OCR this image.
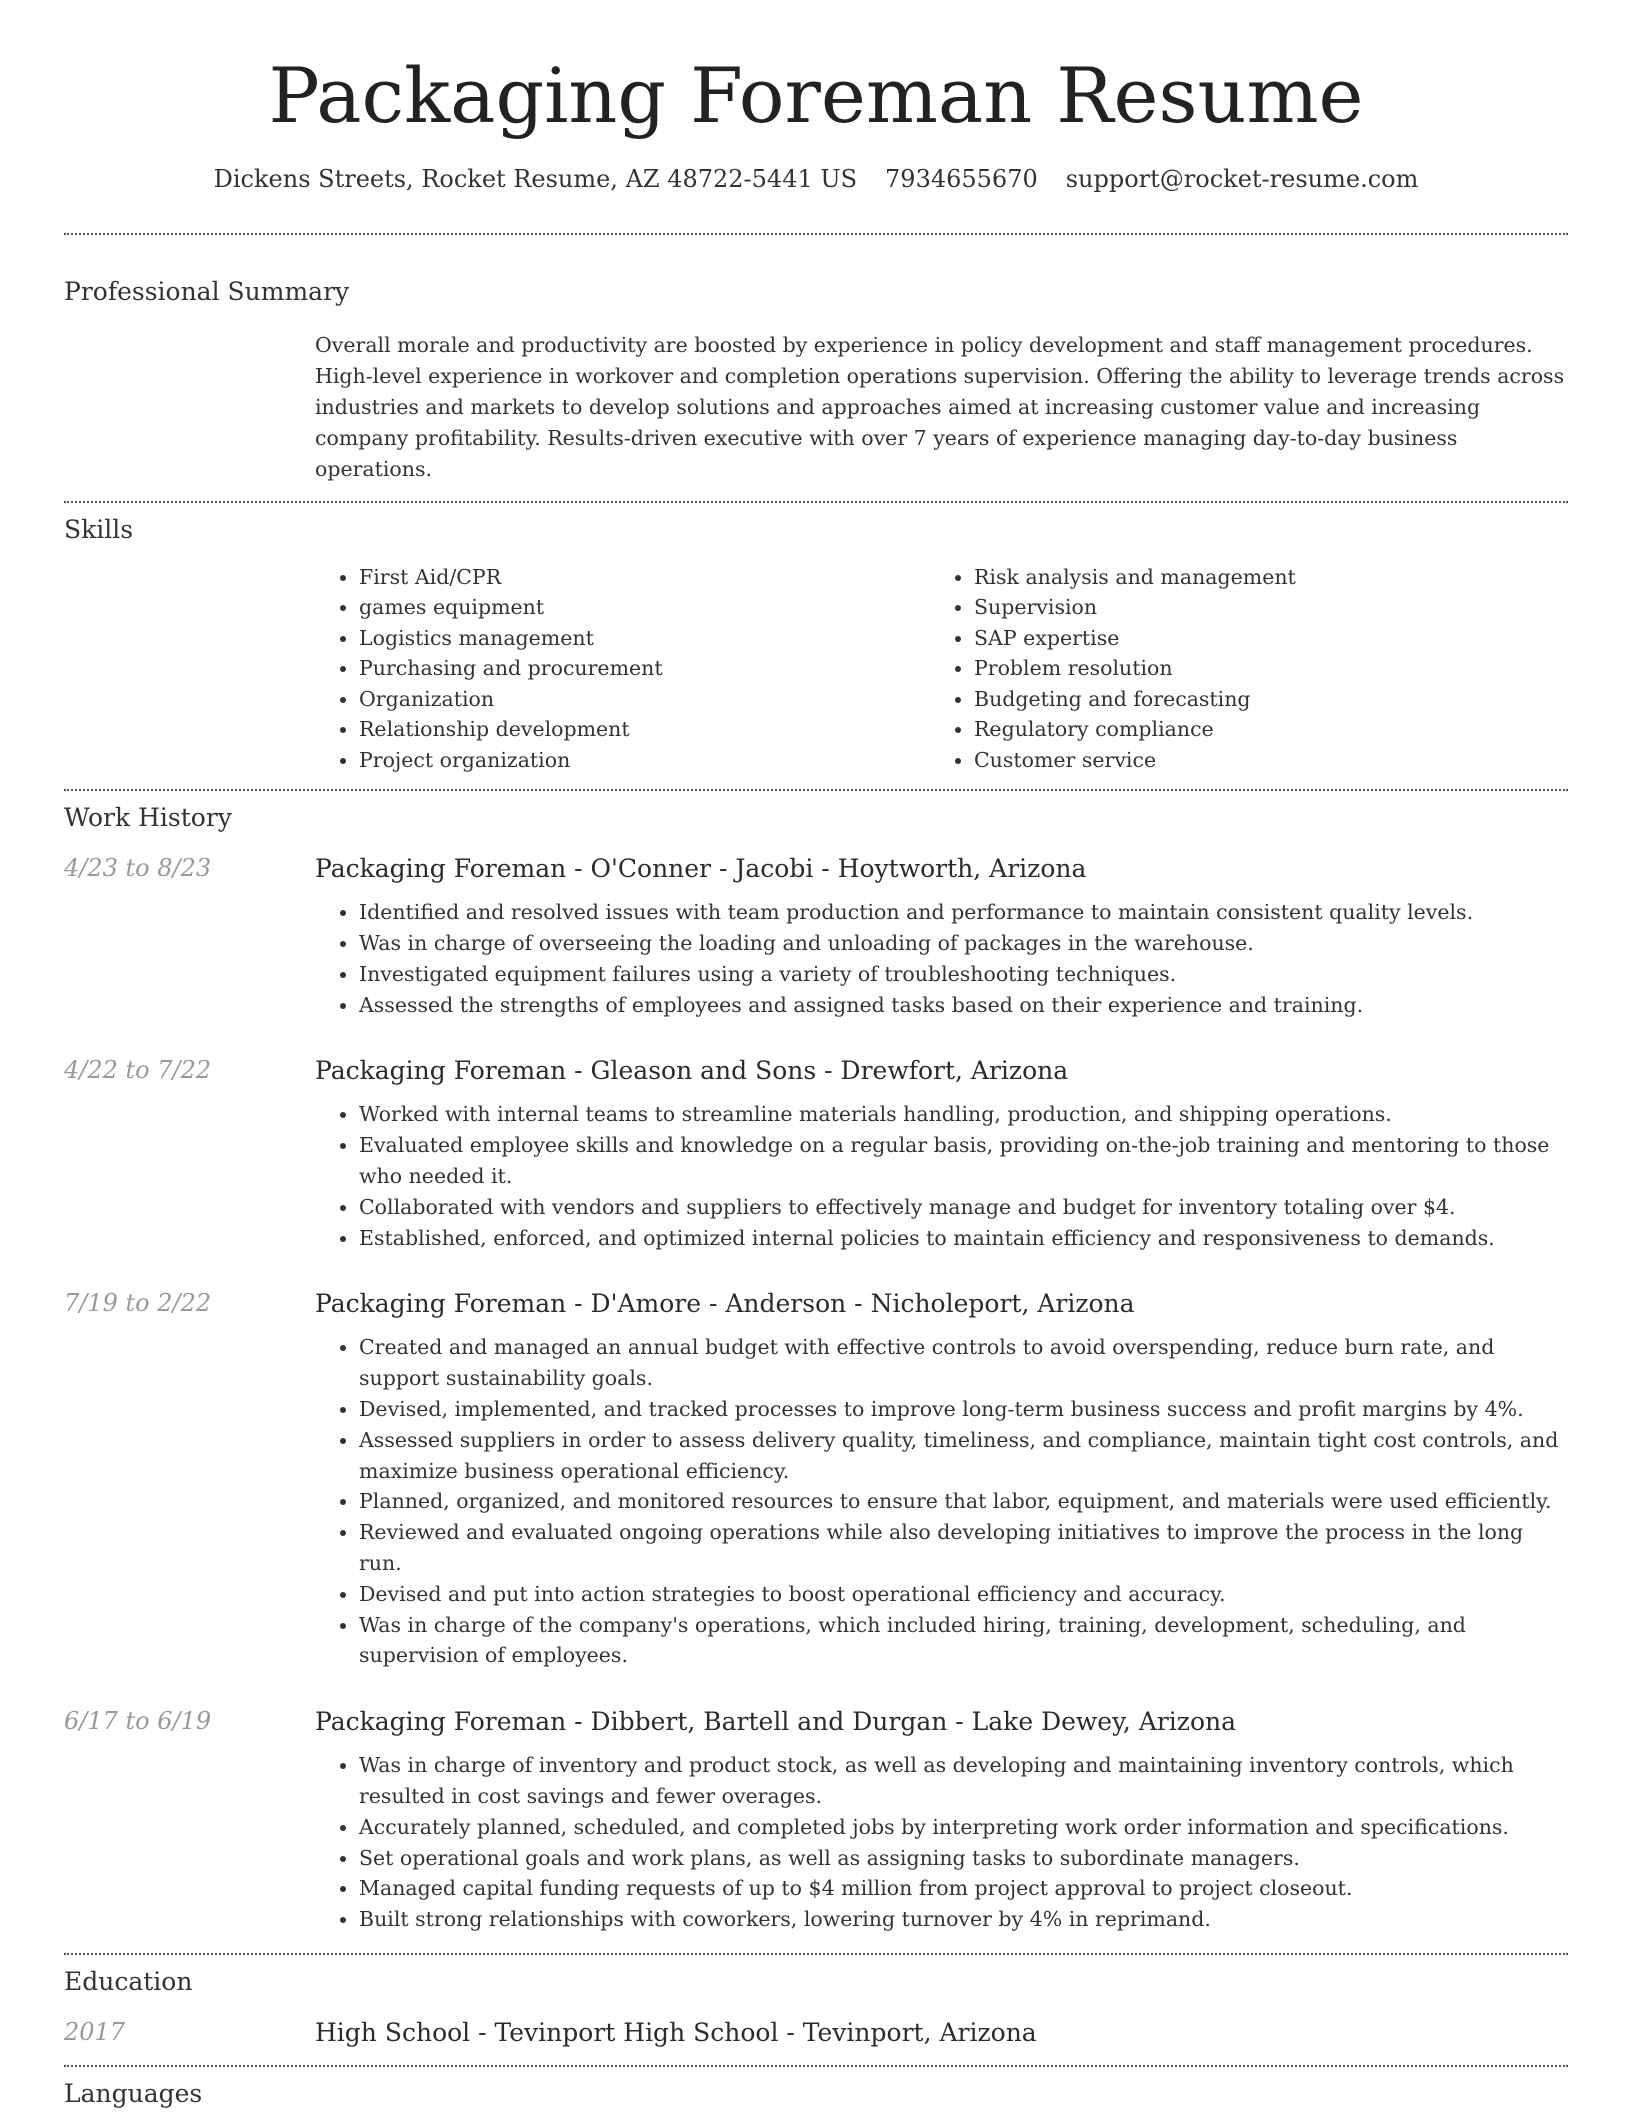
Packaging Foreman Resume
Dickens Streets, Rocket Resume, AZ 48722-5441 US 7934655670 support@rocket-resume.com
Professional Summary
Overall morale and productivity are boosted by experience in policy development and staff management procedures. High-level experience in workover and completion operations supervision. Offering the ability to leverage trends across industries and markets to develop solutions and approaches aimed at increasing customer value and increasing company profitability. Results-driven executive with over 7 years of experience managing day-to-day business operations.
Skills
• First Aid/CPR
• games equipment
• Logistics management
• Purchasing and procurement
• Organization
• Relationship development
• Project organization
• Risk analysis and management
• Supervision
• SAP expertise
• Problem resolution
• Budgeting and forecasting
• Regulatory compliance
• Customer service
Work History
4/23 to 8/23	Packaging Foreman - O'Conner - Jacobi - Hoytworth, Arizona
• Identified and resolved issues with team production and performance to maintain consistent quality levels.
• Was in charge of overseeing the loading and unloading of packages in the warehouse.
• Investigated equipment failures using a variety of troubleshooting techniques.
• Assessed the strengths of employees and assigned tasks based on their experience and training.
4/22 to 7/22	Packaging Foreman - Gleason and Sons - Drewfort, Arizona
• Worked with internal teams to streamline materials handling, production, and shipping operations.
• Evaluated employee skills and knowledge on a regular basis, providing on-the-job training and mentoring to those who needed it.
• Collaborated with vendors and suppliers to effectively manage and budget for inventory totaling over $4.
• Established, enforced, and optimized internal policies to maintain efficiency and responsiveness to demands.
7/19 to 2/22	Packaging Foreman - D'Amore - Anderson - Nicholeport, Arizona
• Created and managed an annual budget with effective controls to avoid overspending, reduce burn rate, and support sustainability goals.
• Devised, implemented, and tracked processes to improve long-term business success and profit margins by 4%.
• Assessed suppliers in order to assess delivery quality, timeliness, and compliance, maintain tight cost controls, and maximize business operational efficiency.
• Planned, organized, and monitored resources to ensure that labor, equipment, and materials were used efficiently.
• Reviewed and evaluated ongoing operations while also developing initiatives to improve the process in the long run.
• Devised and put into action strategies to boost operational efficiency and accuracy.
• Was in charge of the company's operations, which included hiring, training, development, scheduling, and supervision of employees.
6/17 to 6/19	Packaging Foreman - Dibbert, Bartell and Durgan - Lake Dewey, Arizona
• Was in charge of inventory and product stock, as well as developing and maintaining inventory controls, which resulted in cost savings and fewer overages.
• Accurately planned, scheduled, and completed jobs by interpreting work order information and specifications.
• Set operational goals and work plans, as well as assigning tasks to subordinate managers.
• Managed capital funding requests of up to $4 million from project approval to project closeout.
• Built strong relationships with coworkers, lowering turnover by 4% in reprimand.
Education
2017	High School - Tevinport High School - Tevinport, Arizona
Languages
